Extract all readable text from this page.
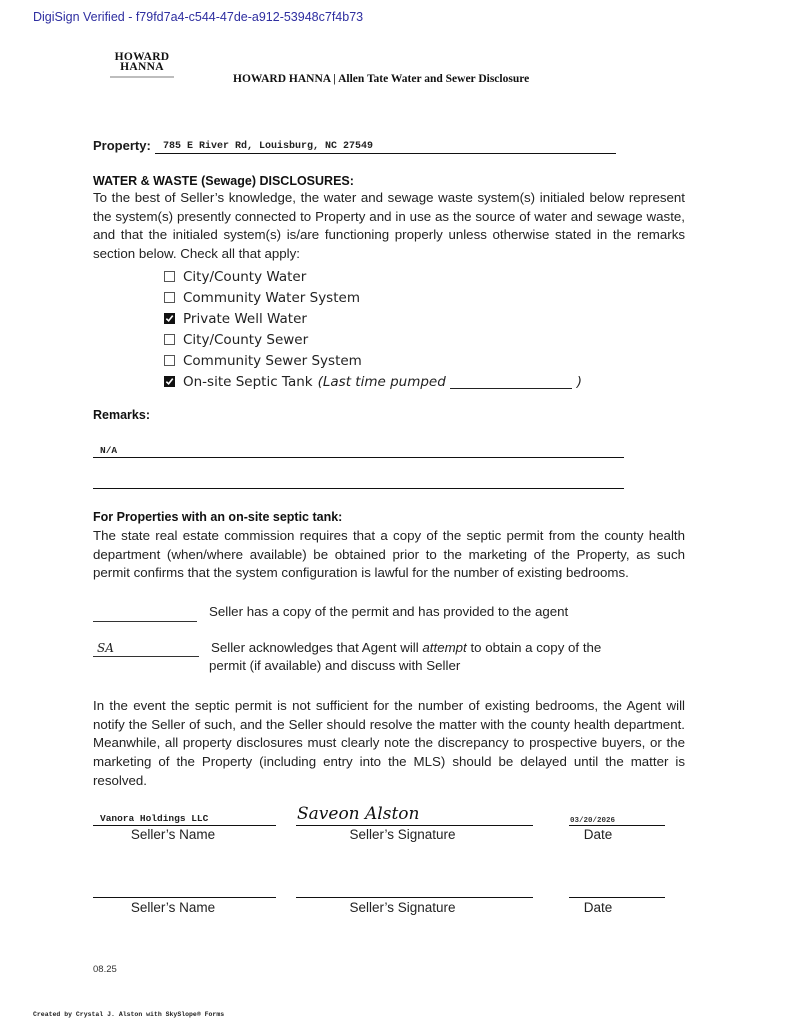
DigiSign Verified - f79fd7a4-c544-47de-a912-53948c7f4b73
HOWARD
HANNA
HOWARD HANNA | Allen Tate Water and Sewer Disclosure
Property: 785 E River Rd, Louisburg, NC 27549
WATER & WASTE (Sewage) DISCLOSURES:
To the best of Seller’s knowledge, the water and sewage waste system(s) initialed below represent the system(s) presently connected to Property and in use as the source of water and sewage waste, and that the initialed system(s) is/are functioning properly unless otherwise stated in the remarks section below. Check all that apply:
City/County Water
Community Water System
Private Well Water
City/County Sewer
Community Sewer System
On-site Septic Tank (Last time pumped	)
Remarks:
N/A
For Properties with an on-site septic tank:
The state real estate commission requires that a copy of the septic permit from the county health department (when/where available) be obtained prior to the marketing of the Property, as such permit confirms that the system configuration is lawful for the number of existing bedrooms.
Seller has a copy of the permit and has provided to the agent
SA	Seller acknowledges that Agent will attempt to obtain a copy of the
permit (if available) and discuss with Seller
In the event the septic permit is not sufficient for the number of existing bedrooms, the Agent will notify the Seller of such, and the Seller should resolve the matter with the county health department. Meanwhile, all property disclosures must clearly note the discrepancy to prospective buyers, or the marketing of the Property (including entry into the MLS) should be delayed until the matter is resolved.
Vanora Holdings LLC
Seller’s Name
Saveon Alston
Seller’s Signature
03/20/2026
Date
Seller’s Name	Seller’s Signature	Date
08.25
Created by Crystal J. Alston with SkySlope® Forms
